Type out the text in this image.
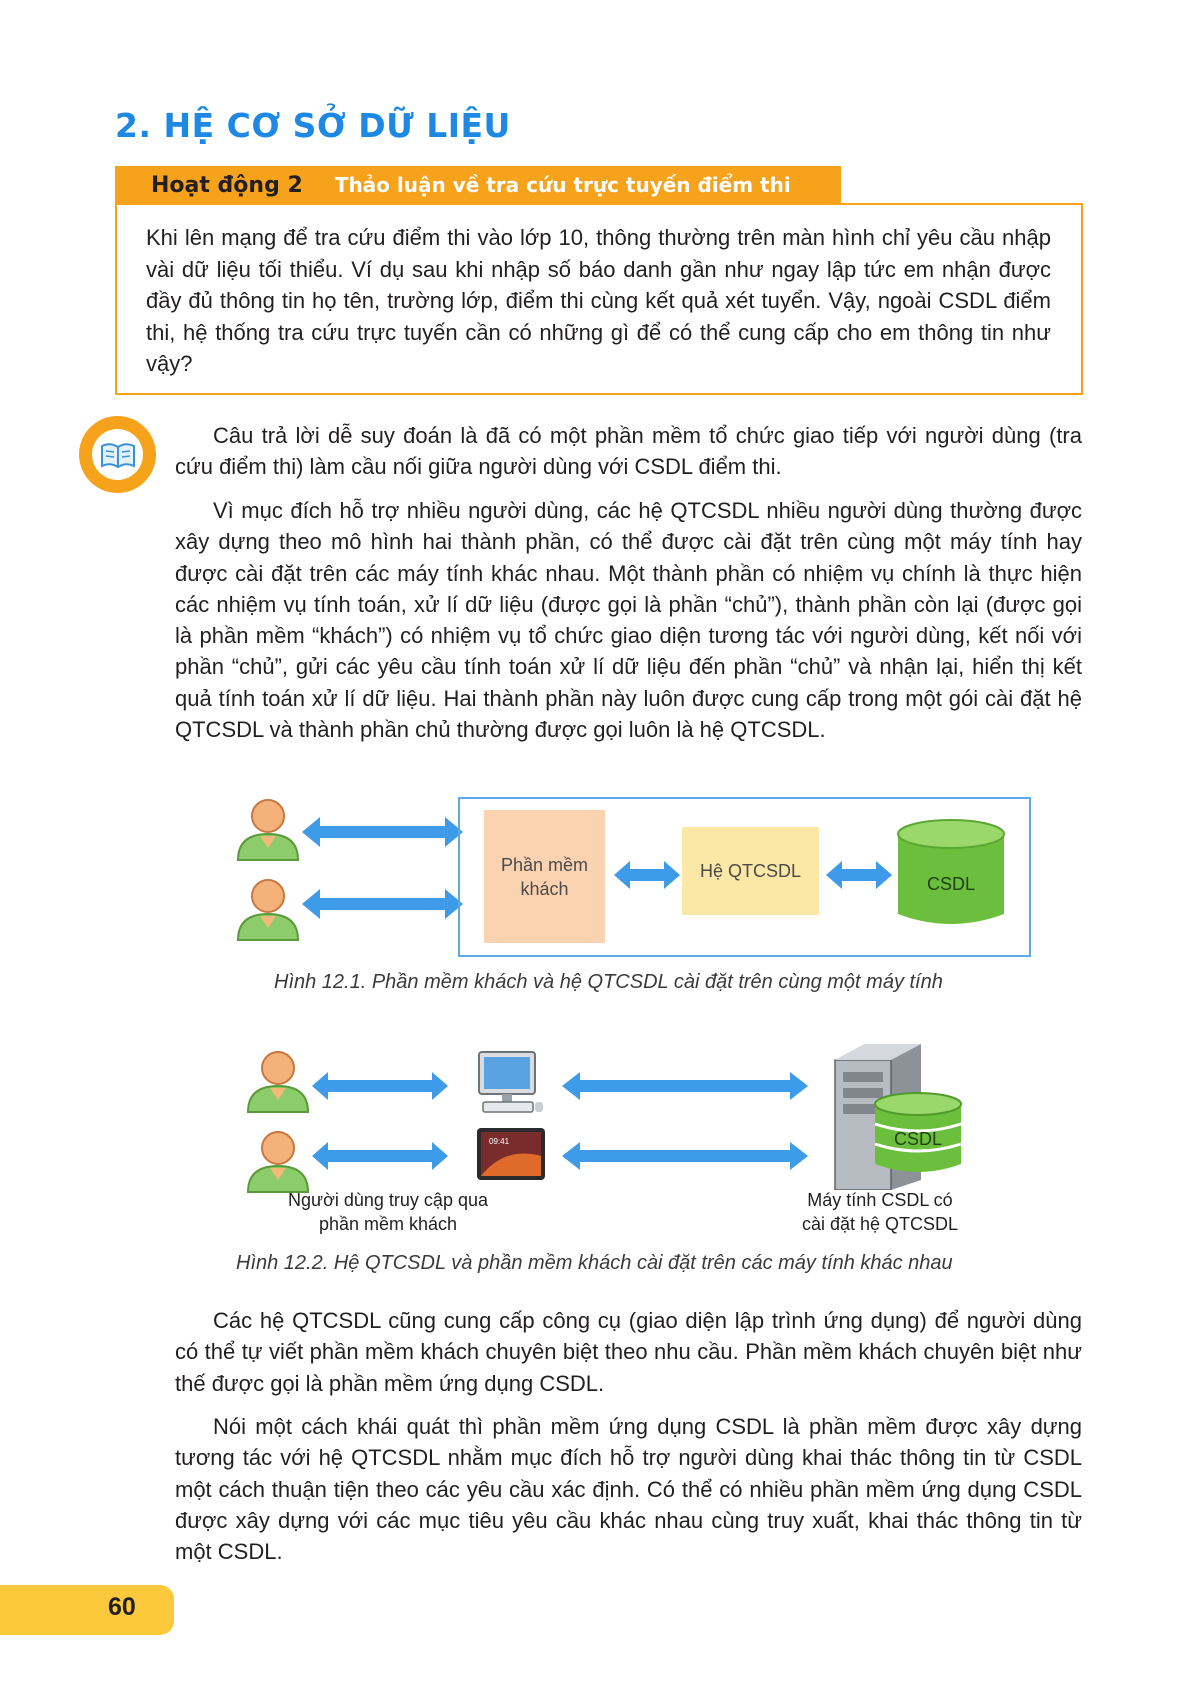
2. HỆ CƠ SỞ DỮ LIỆU
Hoạt động 2 Thảo luận về tra cứu trực tuyến điểm thi

Khi lên mạng để tra cứu điểm thi vào lớp 10, thông thường trên màn hình chỉ yêu cầu nhập vài dữ liệu tối thiểu. Ví dụ sau khi nhập số báo danh gần như ngay lập tức em nhận được đầy đủ thông tin họ tên, trường lớp, điểm thi cùng kết quả xét tuyển. Vậy, ngoài CSDL điểm thi, hệ thống tra cứu trực tuyến cần có những gì để có thể cung cấp cho em thông tin như vậy?

Câu trả lời dễ suy đoán là đã có một phần mềm tổ chức giao tiếp với người dùng (tra cứu điểm thi) làm cầu nối giữa người dùng với CSDL điểm thi.

Vì mục đích hỗ trợ nhiều người dùng, các hệ QTCSDL nhiều người dùng thường được xây dựng theo mô hình hai thành phần, có thể được cài đặt trên cùng một máy tính hay được cài đặt trên các máy tính khác nhau. Một thành phần có nhiệm vụ chính là thực hiện các nhiệm vụ tính toán, xử lí dữ liệu (được gọi là phần “chủ”), thành phần còn lại (được gọi là phần mềm “khách”) có nhiệm vụ tổ chức giao diện tương tác với người dùng, kết nối với phần “chủ”, gửi các yêu cầu tính toán xử lí dữ liệu đến phần “chủ” và nhận lại, hiển thị kết quả tính toán xử lí dữ liệu. Hai thành phần này luôn được cung cấp trong một gói cài đặt hệ QTCSDL và thành phần chủ thường được gọi luôn là hệ QTCSDL.

Phần mềm khách
Hệ QTCSDL
CSDL

Hình 12.1. Phần mềm khách và hệ QTCSDL cài đặt trên cùng một máy tính

09:41	CSDL

Người dùng truy cập qua
phần mềm khách

Máy tính CSDL có
cài đặt hệ QTCSDL

Hình 12.2. Hệ QTCSDL và phần mềm khách cài đặt trên các máy tính khác nhau

Các hệ QTCSDL cũng cung cấp công cụ (giao diện lập trình ứng dụng) để người dùng có thể tự viết phần mềm khách chuyên biệt theo nhu cầu. Phần mềm khách chuyên biệt như thế được gọi là phần mềm ứng dụng CSDL.

Nói một cách khái quát thì phần mềm ứng dụng CSDL là phần mềm được xây dựng tương tác với hệ QTCSDL nhằm mục đích hỗ trợ người dùng khai thác thông tin từ CSDL một cách thuận tiện theo các yêu cầu xác định. Có thể có nhiều phần mềm ứng dụng CSDL được xây dựng với các mục tiêu yêu cầu khác nhau cùng truy xuất, khai thác thông tin từ một CSDL.

60
